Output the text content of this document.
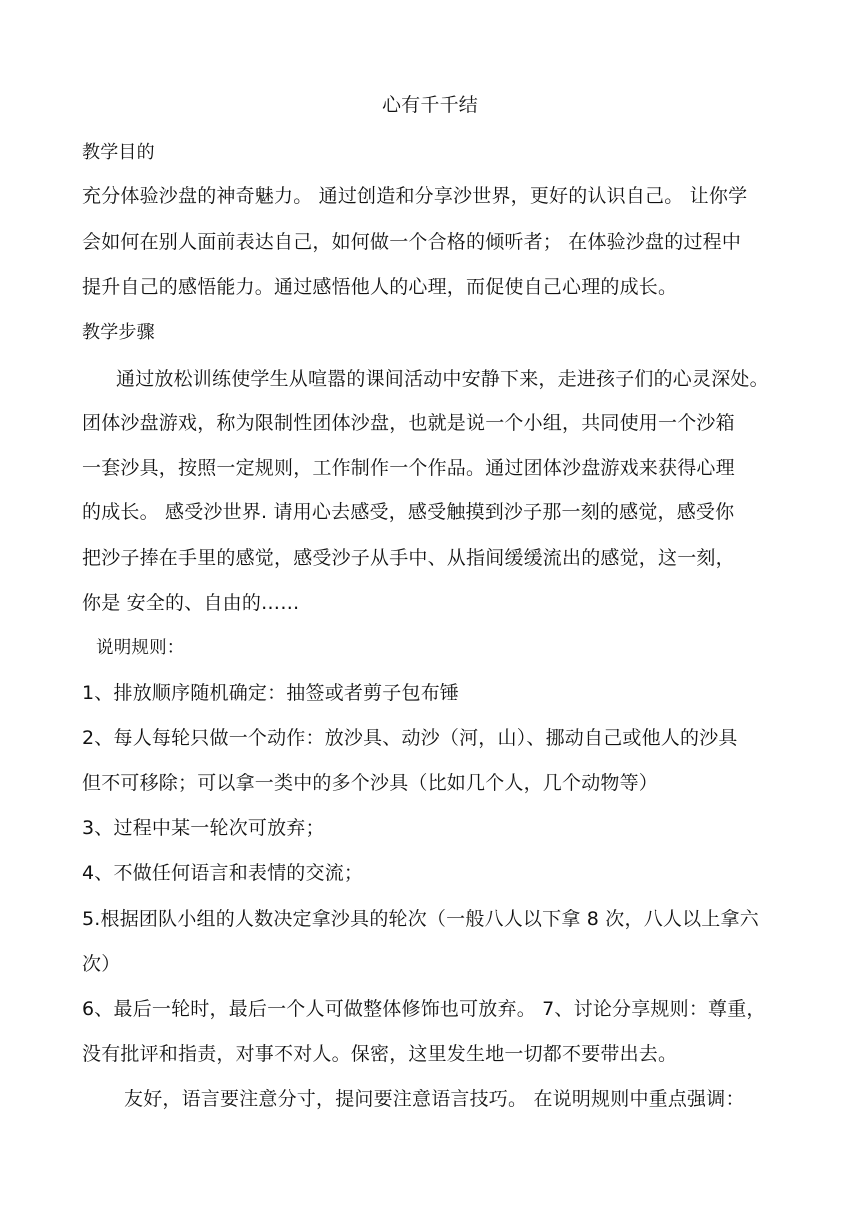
心有千千结
教学目的
充分体验沙盘的神奇魅力。 通过创造和分享沙世界，更好的认识自己。 让你学
会如何在别人面前表达自己，如何做一个合格的倾听者； 在体验沙盘的过程中
提升自己的感悟能力。通过感悟他人的心理，而促使自己心理的成长。
教学步骤
通过放松训练使学生从喧嚣的课间活动中安静下来，走进孩子们的心灵深处。
团体沙盘游戏，称为限制性团体沙盘，也就是说一个小组，共同使用一个沙箱
一套沙具，按照一定规则，工作制作一个作品。通过团体沙盘游戏来获得心理
的成长。 感受沙世界. 请用心去感受，感受触摸到沙子那一刻的感觉，感受你
把沙子捧在手里的感觉，感受沙子从手中、从指间缓缓流出的感觉，这一刻，
你是 安全的、自由的……
说明规则：
1、排放顺序随机确定：抽签或者剪子包布锤
2、每人每轮只做一个动作：放沙具、动沙（河，山）、挪动自己或他人的沙具
但不可移除；可以拿一类中的多个沙具（比如几个人，几个动物等）
3、过程中某一轮次可放弃；
4、不做任何语言和表情的交流；
5.根据团队小组的人数决定拿沙具的轮次（一般八人以下拿 8 次，八人以上拿六
次）
6、最后一轮时，最后一个人可做整体修饰也可放弃。 7、讨论分享规则：尊重，
没有批评和指责，对事不对人。保密，这里发生地一切都不要带出去。
友好，语言要注意分寸，提问要注意语言技巧。 在说明规则中重点强调：
